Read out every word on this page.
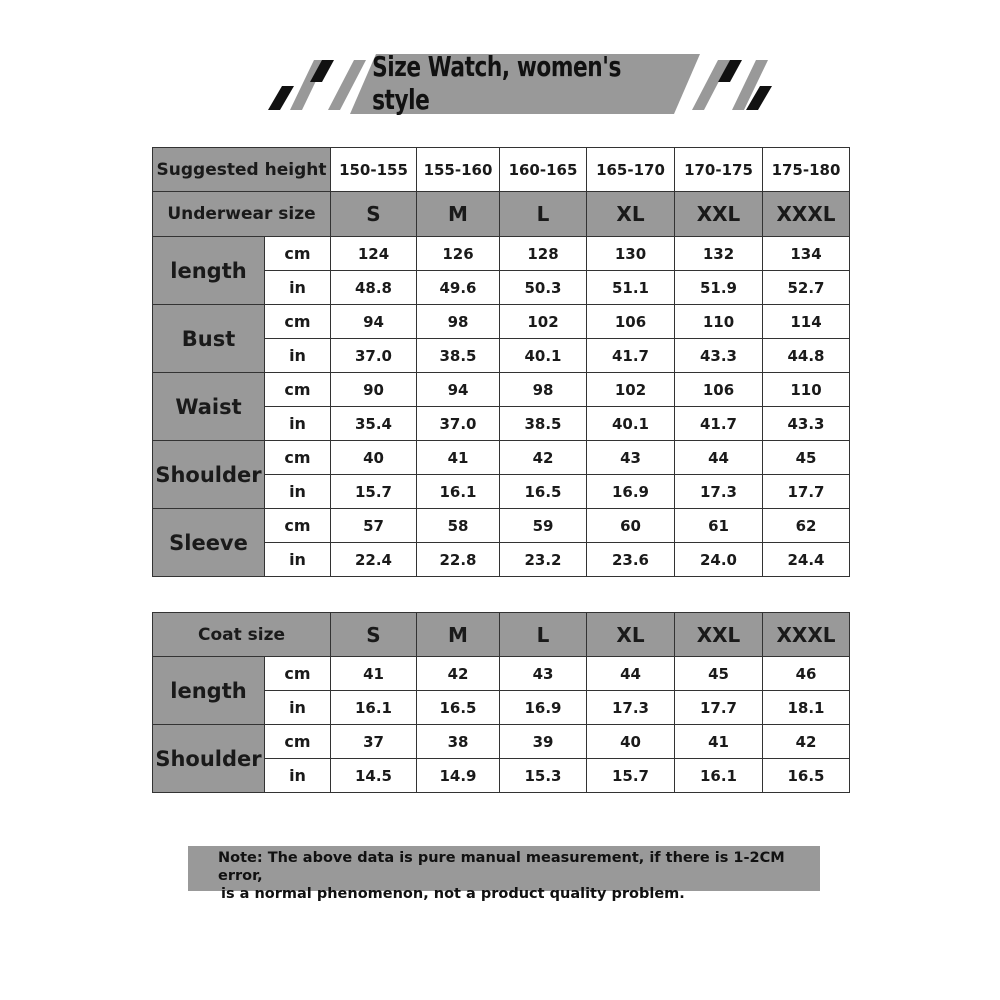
Size Watch, women's style
Suggested height		150-155	155-160	160-165	165-170	170-175	175-180
Underwear size		S	M	L	XL	XXL	XXXL
length	cm	124	126	128	130	132	134
	in	48.8	49.6	50.3	51.1	51.9	52.7
Bust	cm	94	98	102	106	110	114
	in	37.0	38.5	40.1	41.7	43.3	44.8
Waist	cm	90	94	98	102	106	110
	in	35.4	37.0	38.5	40.1	41.7	43.3
Shoulder	cm	40	41	42	43	44	45
	in	15.7	16.1	16.5	16.9	17.3	17.7
Sleeve	cm	57	58	59	60	61	62
	in	22.4	22.8	23.2	23.6	24.0	24.4
Coat size		S	M	L	XL	XXL	XXXL
length	cm	41	42	43	44	45	46
	in	16.1	16.5	16.9	17.3	17.7	18.1
Shoulder	cm	37	38	39	40	41	42
	in	14.5	14.9	15.3	15.7	16.1	16.5
Note: The above data is pure manual measurement, if there is 1-2CM error,
is a normal phenomenon, not a product quality problem.
